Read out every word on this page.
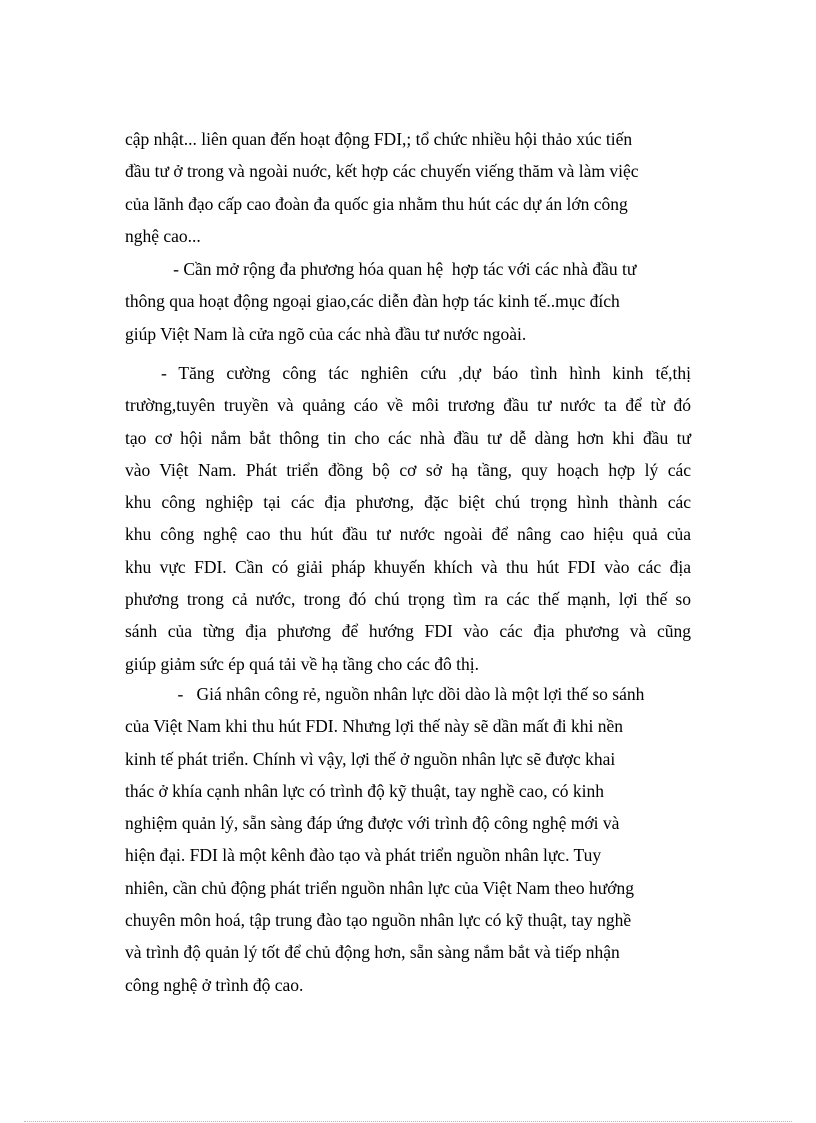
cập nhật... liên quan đến hoạt động FDI,; tổ chức nhiều hội thảo xúc tiến
đầu tư ở trong và ngoài nuớc, kết hợp các chuyến viếng thăm và làm việc
của lãnh đạo cấp cao đoàn đa quốc gia nhằm thu hút các dự án lớn công
nghệ cao...
- Cần mở rộng đa phương hóa quan hệ  hợp tác với các nhà đầu tư
thông qua hoạt động ngoại giao,các diễn đàn hợp tác kinh tế..mục đích
giúp Việt Nam là cửa ngõ của các nhà đầu tư nước ngoài.
- Tăng cường công tác nghiên cứu ,dự báo tình hình kinh tế,thị
trường,tuyên truyền và quảng cáo về môi trương đầu tư nước ta để từ đó
tạo cơ hội nắm bắt thông tin cho các nhà đầu tư dễ dàng hơn khi đầu tư
vào Việt Nam. Phát triển đồng bộ cơ sở hạ tầng, quy hoạch hợp lý các
khu công nghiệp tại các địa phương, đặc biệt chú trọng hình thành các
khu công nghệ cao thu hút đầu tư nước ngoài để nâng cao hiệu quả của
khu vực FDI. Cần có giải pháp khuyến khích và thu hút FDI vào các địa
phương trong cả nước, trong đó chú trọng tìm ra các thế mạnh, lợi thế so
sánh của từng địa phương để hướng FDI vào các địa phương và cũng
giúp giảm sức ép quá tải về hạ tầng cho các đô thị.
-   Giá nhân công rẻ, nguồn nhân lực dồi dào là một lợi thế so sánh
của Việt Nam khi thu hút FDI. Nhưng lợi thế này sẽ dần mất đi khi nền
kinh tế phát triển. Chính vì vậy, lợi thế ở nguồn nhân lực sẽ được khai
thác ở khía cạnh nhân lực có trình độ kỹ thuật, tay nghề cao, có kinh
nghiệm quản lý, sẵn sàng đáp ứng được với trình độ công nghệ mới và
hiện đại. FDI là một kênh đào tạo và phát triển nguồn nhân lực. Tuy
nhiên, cần chủ động phát triển nguồn nhân lực của Việt Nam theo hướng
chuyên môn hoá, tập trung đào tạo nguồn nhân lực có kỹ thuật, tay nghề
và trình độ quản lý tốt để chủ động hơn, sẵn sàng nắm bắt và tiếp nhận
công nghệ ở trình độ cao.
